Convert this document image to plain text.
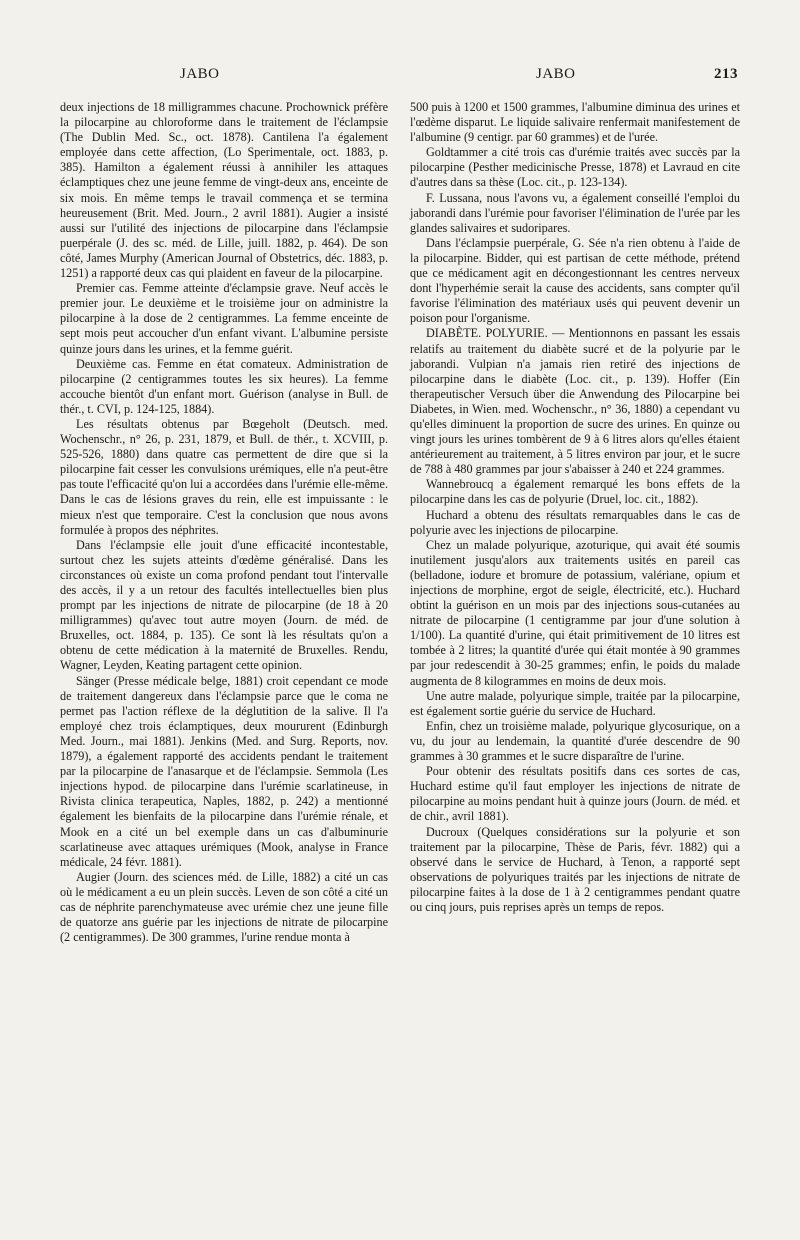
JABO	JABO	213

deux injections de 18 milligrammes chacune. Prochownick préfère la pilocarpine au chloroforme dans le traitement de l'éclampsie (The Dublin Med. Sc., oct. 1878). Cantilena l'a également employée dans cette affection, (Lo Sperimentale, oct. 1883, p. 385). Hamilton a également réussi à annihiler les attaques éclamptiques chez une jeune femme de vingt-deux ans, enceinte de six mois. En même temps le travail commença et se termina heureusement (Brit. Med. Journ., 2 avril 1881). Augier a insisté aussi sur l'utilité des injections de pilocarpine dans l'éclampsie puerpérale (J. des sc. méd. de Lille, juill. 1882, p. 464). De son côté, James Murphy (American Journal of Obstetrics, déc. 1883, p. 1251) a rapporté deux cas qui plaident en faveur de la pilocarpine.

Premier cas. Femme atteinte d'éclampsie grave. Neuf accès le premier jour. Le deuxième et le troisième jour on administre la pilocarpine à la dose de 2 centigrammes. La femme enceinte de sept mois peut accoucher d'un enfant vivant. L'albumine persiste quinze jours dans les urines, et la femme guérit.

Deuxième cas. Femme en état comateux. Administration de pilocarpine (2 centigrammes toutes les six heures). La femme accouche bientôt d'un enfant mort. Guérison (analyse in Bull. de thér., t. CVI, p. 124-125, 1884).

Les résultats obtenus par Bœgeholt (Deutsch. med. Wochenschr., n° 26, p. 231, 1879, et Bull. de thér., t. XCVIII, p. 525-526, 1880) dans quatre cas permettent de dire que si la pilocarpine fait cesser les convulsions urémiques, elle n'a peut-être pas toute l'efficacité qu'on lui a accordées dans l'urémie elle-même. Dans le cas de lésions graves du rein, elle est impuissante : le mieux n'est que temporaire. C'est la conclusion que nous avons formulée à propos des néphrites.

Dans l'éclampsie elle jouit d'une efficacité incontestable, surtout chez les sujets atteints d'œdème généralisé. Dans les circonstances où existe un coma profond pendant tout l'intervalle des accès, il y a un retour des facultés intellectuelles bien plus prompt par les injections de nitrate de pilocarpine (de 18 à 20 milligrammes) qu'avec tout autre moyen (Journ. de méd. de Bruxelles, oct. 1884, p. 135). Ce sont là les résultats qu'on a obtenu de cette médication à la maternité de Bruxelles. Rendu, Wagner, Leyden, Keating partagent cette opinion.

Sänger (Presse médicale belge, 1881) croit cependant ce mode de traitement dangereux dans l'éclampsie parce que le coma ne permet pas l'action réflexe de la déglutition de la salive. Il l'a employé chez trois éclamptiques, deux moururent (Edinburgh Med. Journ., mai 1881). Jenkins (Med. and Surg. Reports, nov. 1879), a également rapporté des accidents pendant le traitement par la pilocarpine de l'anasarque et de l'éclampsie. Semmola (Les injections hypod. de pilocarpine dans l'urémie scarlatineuse, in Rivista clinica terapeutica, Naples, 1882, p. 242) a mentionné également les bienfaits de la pilocarpine dans l'urémie rénale, et Mook en a cité un bel exemple dans un cas d'albuminurie scarlatineuse avec attaques urémiques (Mook, analyse in France médicale, 24 févr. 1881).

Augier (Journ. des sciences méd. de Lille, 1882) a cité un cas où le médicament a eu un plein succès. Leven de son côté a cité un cas de néphrite parenchymateuse avec urémie chez une jeune fille de quatorze ans guérie par les injections de nitrate de pilocarpine (2 centigrammes). De 300 grammes, l'urine rendue monta à

500 puis à 1200 et 1500 grammes, l'albumine diminua des urines et l'œdème disparut. Le liquide salivaire renfermait manifestement de l'albumine (9 centigr. par 60 grammes) et de l'urée.

Goldtammer a cité trois cas d'urémie traités avec succès par la pilocarpine (Pesther medicinische Presse, 1878) et Lavraud en cite d'autres dans sa thèse (Loc. cit., p. 123-134).

F. Lussana, nous l'avons vu, a également conseillé l'emploi du jaborandi dans l'urémie pour favoriser l'élimination de l'urée par les glandes salivaires et sudoripares.

Dans l'éclampsie puerpérale, G. Sée n'a rien obtenu à l'aide de la pilocarpine. Bidder, qui est partisan de cette méthode, prétend que ce médicament agit en décongestionnant les centres nerveux dont l'hyperhémie serait la cause des accidents, sans compter qu'il favorise l'élimination des matériaux usés qui peuvent devenir un poison pour l'organisme.

DIABÈTE. POLYURIE. — Mentionnons en passant les essais relatifs au traitement du diabète sucré et de la polyurie par le jaborandi. Vulpian n'a jamais rien retiré des injections de pilocarpine dans le diabète (Loc. cit., p. 139). Hoffer (Ein therapeutischer Versuch über die Anwendung des Pilocarpine bei Diabetes, in Wien. med. Wochenschr., n° 36, 1880) a cependant vu qu'elles diminuent la proportion de sucre des urines. En quinze ou vingt jours les urines tombèrent de 9 à 6 litres alors qu'elles étaient antérieurement au traitement, à 5 litres environ par jour, et le sucre de 788 à 480 grammes par jour s'abaisser à 240 et 224 grammes.

Wannebroucq a également remarqué les bons effets de la pilocarpine dans les cas de polyurie (Druel, loc. cit., 1882).

Huchard a obtenu des résultats remarquables dans le cas de polyurie avec les injections de pilocarpine.

Chez un malade polyurique, azoturique, qui avait été soumis inutilement jusqu'alors aux traitements usités en pareil cas (belladone, iodure et bromure de potassium, valériane, opium et injections de morphine, ergot de seigle, électricité, etc.). Huchard obtint la guérison en un mois par des injections sous-cutanées au nitrate de pilocarpine (1 centigramme par jour d'une solution à 1/100). La quantité d'urine, qui était primitivement de 10 litres est tombée à 2 litres; la quantité d'urée qui était montée à 90 grammes par jour redescendit à 30-25 grammes; enfin, le poids du malade augmenta de 8 kilogrammes en moins de deux mois.

Une autre malade, polyurique simple, traitée par la pilocarpine, est également sortie guérie du service de Huchard.

Enfin, chez un troisième malade, polyurique glycosurique, on a vu, du jour au lendemain, la quantité d'urée descendre de 90 grammes à 30 grammes et le sucre disparaître de l'urine.

Pour obtenir des résultats positifs dans ces sortes de cas, Huchard estime qu'il faut employer les injections de nitrate de pilocarpine au moins pendant huit à quinze jours (Journ. de méd. et de chir., avril 1881).

Ducroux (Quelques considérations sur la polyurie et son traitement par la pilocarpine, Thèse de Paris, févr. 1882) qui a observé dans le service de Huchard, à Tenon, a rapporté sept observations de polyuriques traités par les injections de nitrate de pilocarpine faites à la dose de 1 à 2 centigrammes pendant quatre ou cinq jours, puis reprises après un temps de repos.
